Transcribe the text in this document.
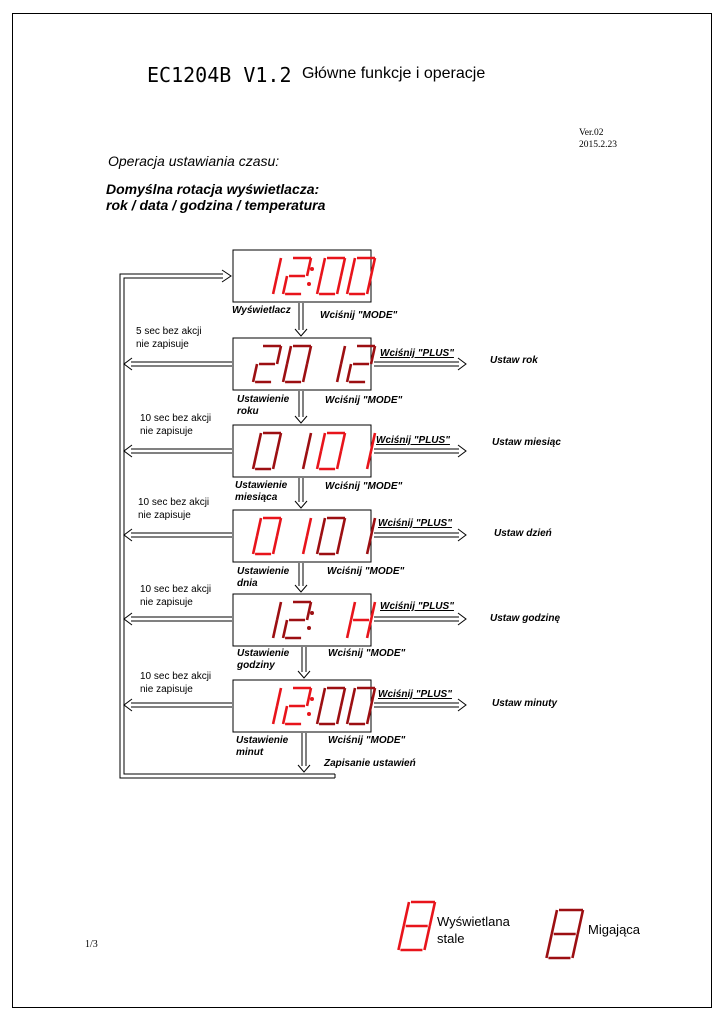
EC1204B V1.2 Główne funkcje i operacje
Ver.02
2015.2.23
Operacja ustawiania czasu:
Domyślna rotacja wyświetlacza:
rok / data / godzina / temperatura
Wyświetlacz	Wciśnij "MODE"
5 sec bez akcji
nie zapisuje
Wciśnij "PLUS"
Ustaw rok
Ustawienie
roku
Wciśnij "MODE"
10 sec bez akcji
nie zapisuje
Wciśnij "PLUS"	Ustaw miesiąc
Ustawienie
miesiąca
Wciśnij "MODE"
10 sec bez akcji
nie zapisuje
Wciśnij "PLUS"
Ustaw dzień
Ustawienie
dnia
Wciśnij "MODE"
10 sec bez akcji
nie zapisuje	Wciśnij "PLUS"
Ustaw godzinę
Ustawienie
godziny
Wciśnij "MODE"
10 sec bez akcji
nie zapisuje	Wciśnij "PLUS"
Ustaw minuty
Ustawienie
minut
Wciśnij "MODE"
Zapisanie ustawień
Wyświetlana
stale
Migająca
1/3
